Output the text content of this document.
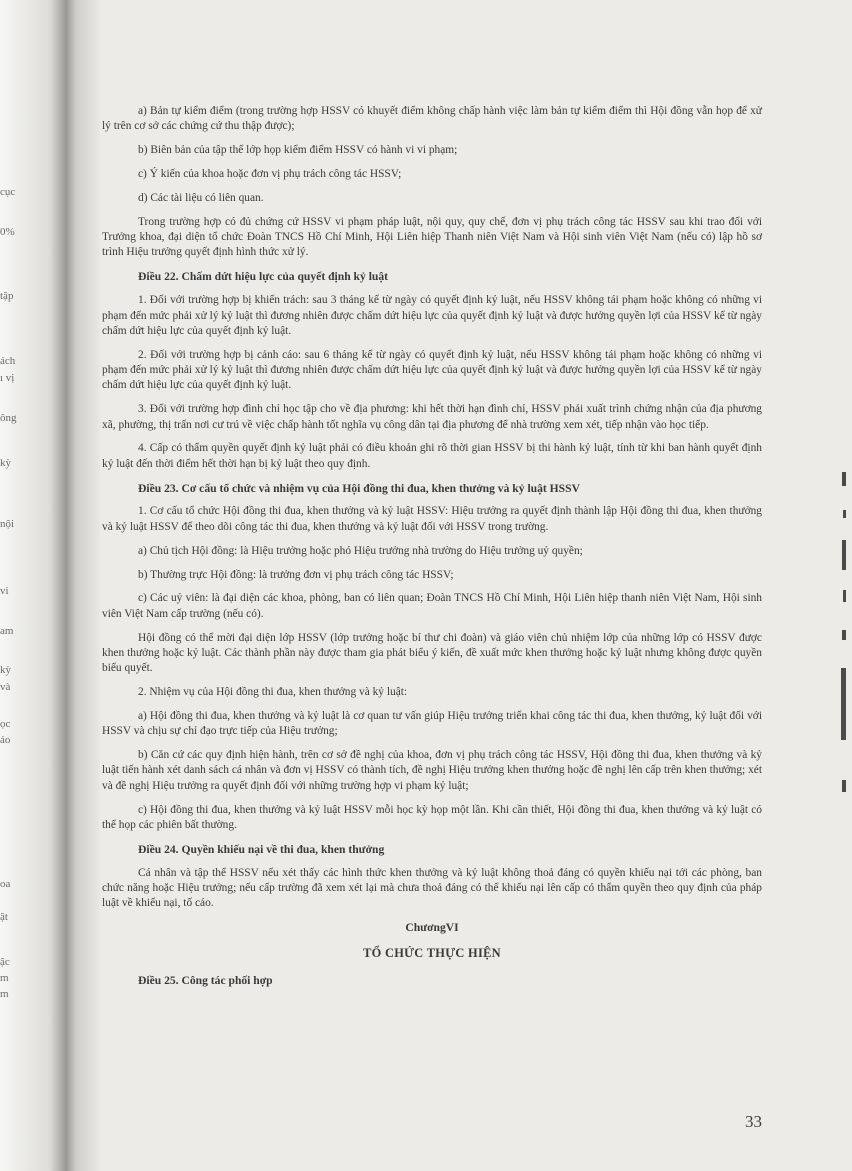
cục
0%
tập
ách
ı vị
ông
kỳ
nội
vi
am
kỳ
và
ọc
áo
oa
ật
ậc
m
m

a) Bản tự kiểm điểm (trong trường hợp HSSV có khuyết điểm không chấp hành việc làm bản tự kiểm điểm thì Hội đồng vẫn họp để xử lý trên cơ sở các chứng cứ thu thập được);

b) Biên bản của tập thể lớp họp kiểm điểm HSSV có hành vi vi phạm;

c) Ý kiến của khoa hoặc đơn vị phụ trách công tác HSSV;

d) Các tài liệu có liên quan.

Trong trường hợp có đủ chứng cứ HSSV vi phạm pháp luật, nội quy, quy chế, đơn vị phụ trách công tác HSSV sau khi trao đổi với Trưởng khoa, đại diện tổ chức Đoàn TNCS Hồ Chí Minh, Hội Liên hiệp Thanh niên Việt Nam và Hội sinh viên Việt Nam (nếu có) lập hồ sơ trình Hiệu trưởng quyết định hình thức xử lý.

Điều 22. Chấm dứt hiệu lực của quyết định kỷ luật

1. Đối với trường hợp bị khiển trách: sau 3 tháng kể từ ngày có quyết định kỷ luật, nếu HSSV không tái phạm hoặc không có những vi phạm đến mức phải xử lý kỷ luật thì đương nhiên được chấm dứt hiệu lực của quyết định kỷ luật và được hưởng quyền lợi của HSSV kể từ ngày chấm dứt hiệu lực của quyết định kỷ luật.

2. Đối với trường hợp bị cảnh cáo: sau 6 tháng kể từ ngày có quyết định kỷ luật, nếu HSSV không tái phạm hoặc không có những vi phạm đến mức phải xử lý kỷ luật thì đương nhiên được chấm dứt hiệu lực của quyết định kỷ luật và được hưởng quyền lợi của HSSV kể từ ngày chấm dứt hiệu lực của quyết định kỷ luật.

3. Đối với trường hợp đình chỉ học tập cho về địa phương: khi hết thời hạn đình chỉ, HSSV phải xuất trình chứng nhận của địa phương xã, phường, thị trấn nơi cư trú về việc chấp hành tốt nghĩa vụ công dân tại địa phương để nhà trường xem xét, tiếp nhận vào học tiếp.

4. Cấp có thẩm quyền quyết định kỷ luật phải có điều khoản ghi rõ thời gian HSSV bị thi hành kỷ luật, tính từ khi ban hành quyết định kỷ luật đến thời điểm hết thời hạn bị kỷ luật theo quy định.

Điều 23. Cơ cấu tổ chức và nhiệm vụ của Hội đồng thi đua, khen thưởng và kỷ luật HSSV

1. Cơ cấu tổ chức Hội đồng thi đua, khen thưởng và kỷ luật HSSV: Hiệu trưởng ra quyết định thành lập Hội đồng thi đua, khen thưởng và kỷ luật HSSV để theo dõi công tác thi đua, khen thưởng và kỷ luật đối với HSSV trong trường.

a) Chủ tịch Hội đồng: là Hiệu trưởng hoặc phó Hiệu trưởng nhà trường do Hiệu trưởng uỷ quyền;

b) Thường trực Hội đồng: là trưởng đơn vị phụ trách công tác HSSV;

c) Các uỷ viên: là đại diện các khoa, phòng, ban có liên quan; Đoàn TNCS Hồ Chí Minh, Hội Liên hiệp thanh niên Việt Nam, Hội sinh viên Việt Nam cấp trường (nếu có).

Hội đồng có thể mời đại diện lớp HSSV (lớp trưởng hoặc bí thư chi đoàn) và giáo viên chủ nhiệm lớp của những lớp có HSSV được khen thưởng hoặc kỷ luật. Các thành phần này được tham gia phát biểu ý kiến, đề xuất mức khen thưởng hoặc kỷ luật nhưng không được quyền biểu quyết.

2. Nhiệm vụ của Hội đồng thi đua, khen thưởng và kỷ luật:

a) Hội đồng thi đua, khen thưởng và kỷ luật là cơ quan tư vấn giúp Hiệu trưởng triển khai công tác thi đua, khen thưởng, kỷ luật đối với HSSV và chịu sự chỉ đạo trực tiếp của Hiệu trưởng;

b) Căn cứ các quy định hiện hành, trên cơ sở đề nghị của khoa, đơn vị phụ trách công tác HSSV, Hội đồng thi đua, khen thưởng và kỷ luật tiến hành xét danh sách cá nhân và đơn vị HSSV có thành tích, đề nghị Hiệu trưởng khen thưởng hoặc đề nghị lên cấp trên khen thưởng; xét và đề nghị Hiệu trưởng ra quyết định đối với những trường hợp vi phạm kỷ luật;

c) Hội đồng thi đua, khen thưởng và kỷ luật HSSV mỗi học kỳ họp một lần. Khi cần thiết, Hội đồng thi đua, khen thưởng và kỷ luật có thể họp các phiên bất thường.

Điều 24. Quyền khiếu nại về thi đua, khen thưởng

Cá nhân và tập thể HSSV nếu xét thấy các hình thức khen thưởng và kỷ luật không thoả đáng có quyền khiếu nại tới các phòng, ban chức năng hoặc Hiệu trưởng; nếu cấp trường đã xem xét lại mà chưa thoả đáng có thể khiếu nại lên cấp có thẩm quyền theo quy định của pháp luật về khiếu nại, tố cáo.

ChươngVI

TỔ CHỨC THỰC HIỆN

Điều 25. Công tác phối hợp

33
